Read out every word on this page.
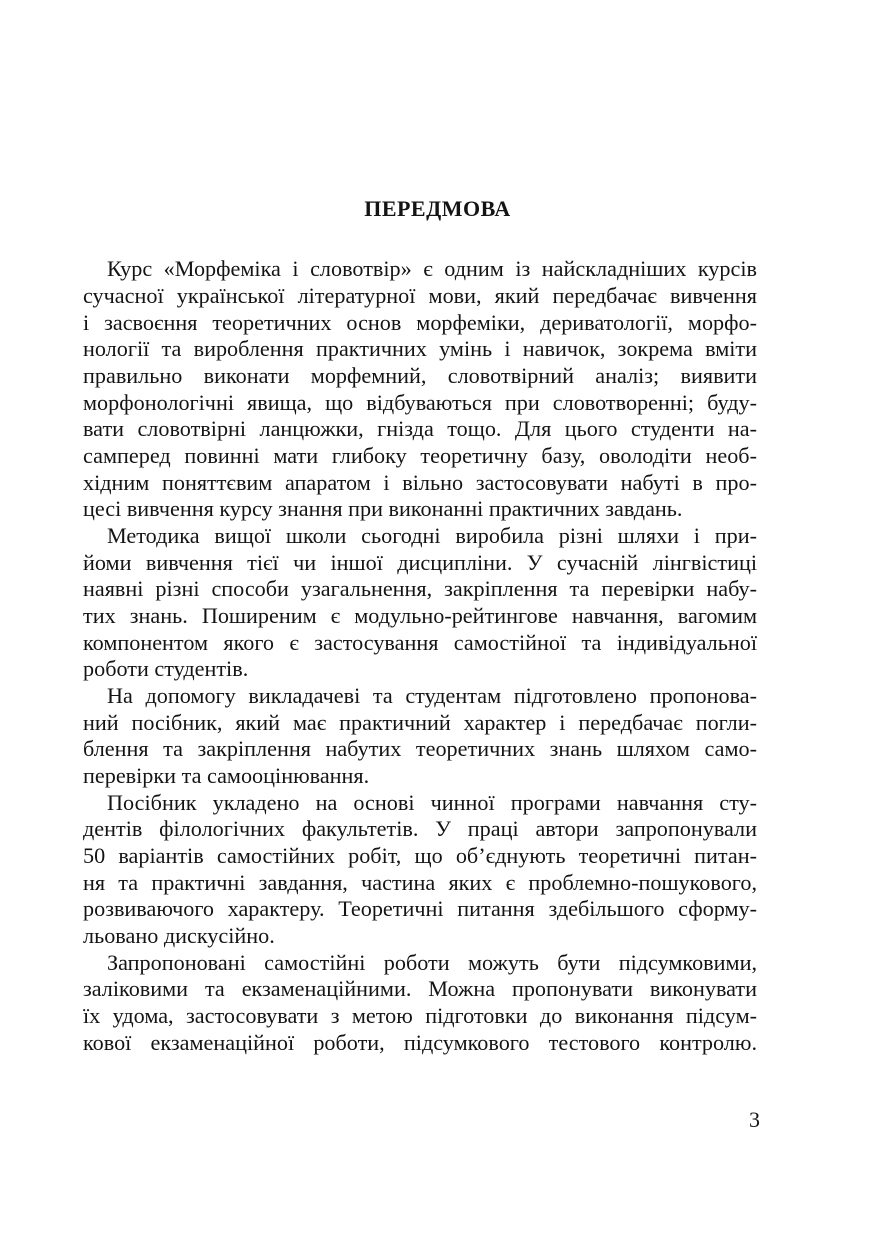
ПЕРЕДМОВА

Курс «Морфеміка і словотвір» є одним із найскладніших курсів

сучасної української літературної мови, який передбачає вивчення

і засвоєння теоретичних основ морфеміки, дериватології, морфо-

нології та вироблення практичних умінь і навичок, зокрема вміти

правильно виконати морфемний, словотвірний аналіз; виявити

морфонологічні явища, що відбуваються при словотворенні; буду-

вати словотвірні ланцюжки, гнізда тощо. Для цього студенти на-

самперед повинні мати глибоку теоретичну базу, оволодіти необ-

хідним поняттєвим апаратом і вільно застосовувати набуті в про-

цесі вивчення курсу знання при виконанні практичних завдань.

Методика вищої школи сьогодні виробила різні шляхи і при-

йоми вивчення тієї чи іншої дисципліни. У сучасній лінгвістиці

наявні різні способи узагальнення, закріплення та перевірки набу-

тих знань. Поширеним є модульно-рейтингове навчання, вагомим

компонентом якого є застосування самостійної та індивідуальної

роботи студентів.

На допомогу викладачеві та студентам підготовлено пропонова-

ний посібник, який має практичний характер і передбачає погли-

блення та закріплення набутих теоретичних знань шляхом само-

перевірки та самооцінювання.

Посібник укладено на основі чинної програми навчання сту-

дентів філологічних факультетів. У праці автори запропонували

50 варіантів самостійних робіт, що об’єднують теоретичні питан-

ня та практичні завдання, частина яких є проблемно-пошукового,

розвиваючого характеру. Теоретичні питання здебільшого сформу-

льовано дискусійно.

Запропоновані самостійні роботи можуть бути підсумковими,

заліковими та екзаменаційними. Можна пропонувати виконувати

їх удома, застосовувати з метою підготовки до виконання підсум-

кової екзаменаційної роботи, підсумкового тестового контролю.

3
